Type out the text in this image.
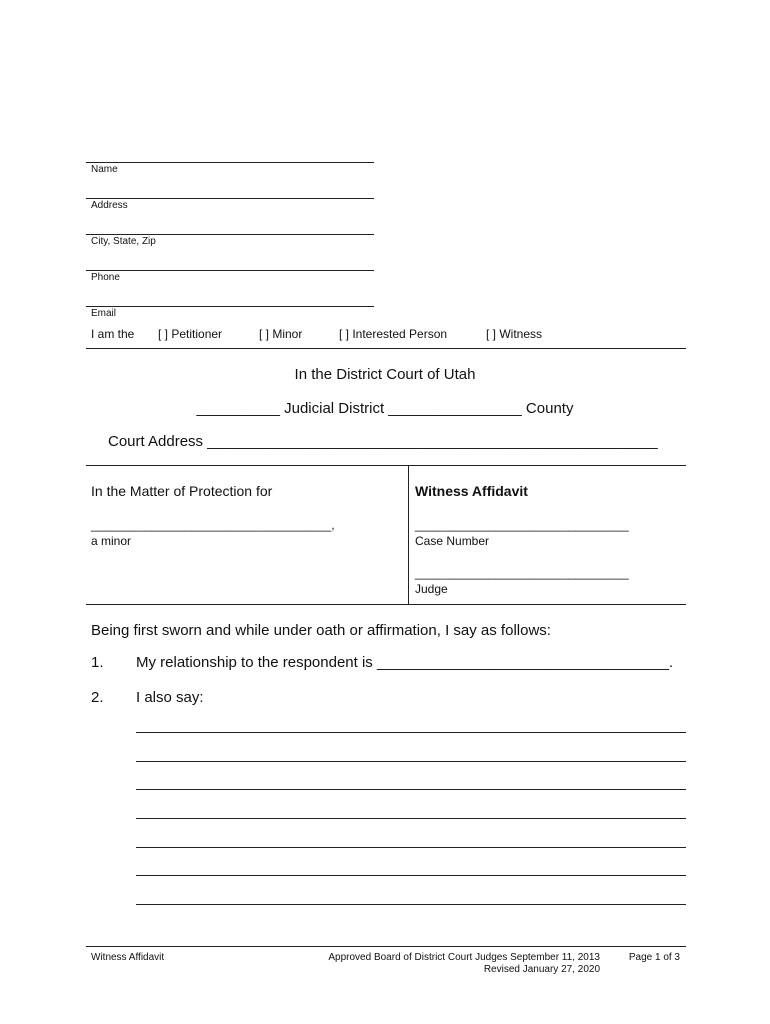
Name
Address
City, State, Zip
Phone
Email
I am the [ ] Petitioner	[ ] Minor	[ ] Interested Person	[ ] Witness
In the District Court of Utah
__________ Judicial District ________________ County
Court Address ______________________________________________________
In the Matter of Protection for
____________________________________,
a minor
Witness Affidavit
________________________________
Case Number
________________________________
Judge
Being first sworn and while under oath or affirmation, I say as follows:
1. My relationship to the respondent is ___________________________________.
2. I also say:
Witness Affidavit	Approved Board of District Court Judges September 11, 2013
Revised January 27, 2020
Page 1 of 3
